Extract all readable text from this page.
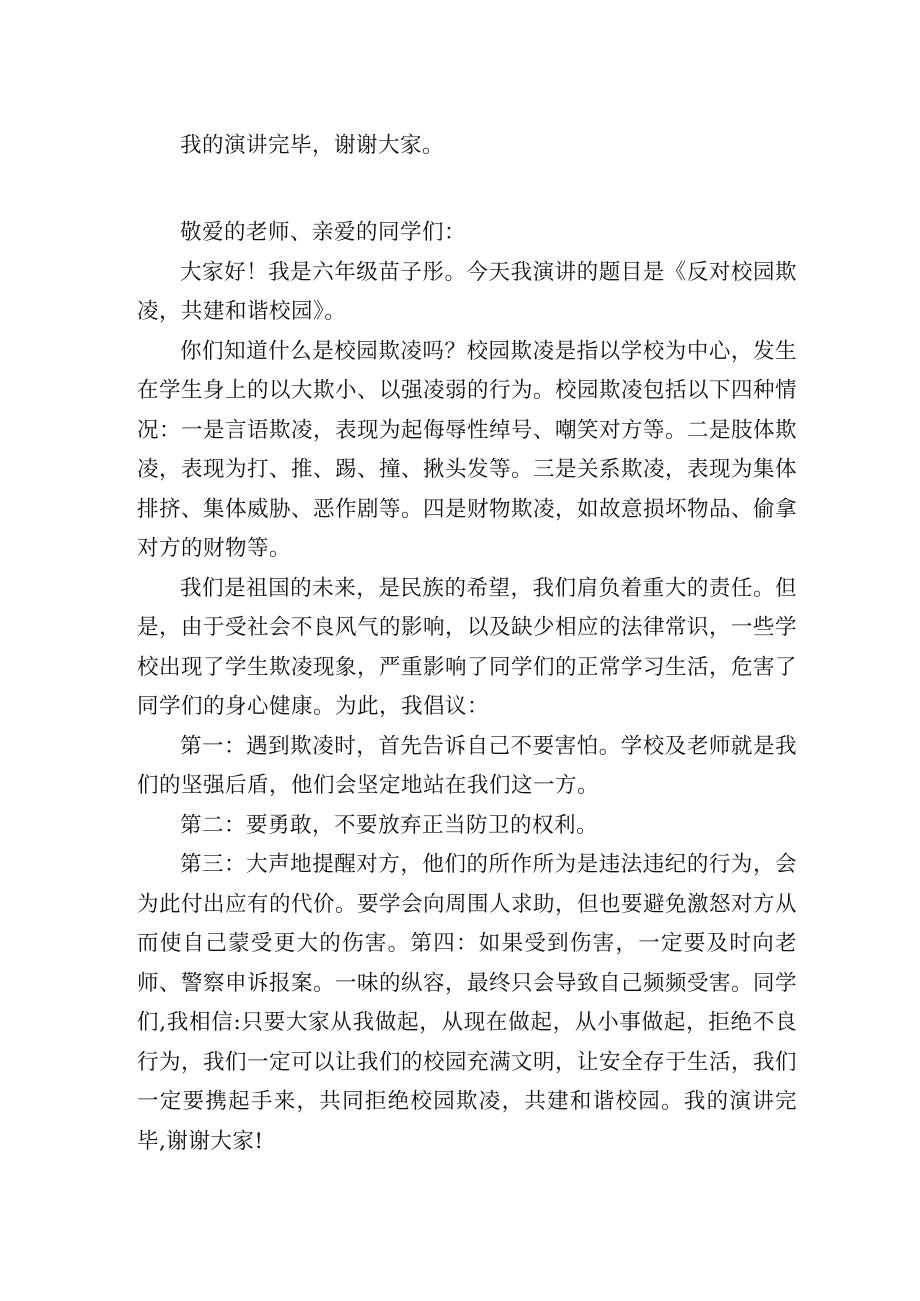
我的演讲完毕，谢谢大家。

敬爱的老师、亲爱的同学们：

大家好！我是六年级苗子彤。今天我演讲的题目是《反对校园欺凌，共建和谐校园》。

你们知道什么是校园欺凌吗？校园欺凌是指以学校为中心，发生在学生身上的以大欺小、以强凌弱的行为。校园欺凌包括以下四种情况：一是言语欺凌，表现为起侮辱性绰号、嘲笑对方等。二是肢体欺凌，表现为打、推、踢、撞、揪头发等。三是关系欺凌，表现为集体排挤、集体威胁、恶作剧等。四是财物欺凌，如故意损坏物品、偷拿对方的财物等。

我们是祖国的未来，是民族的希望，我们肩负着重大的责任。但是，由于受社会不良风气的影响，以及缺少相应的法律常识，一些学校出现了学生欺凌现象，严重影响了同学们的正常学习生活，危害了同学们的身心健康。为此，我倡议：

第一：遇到欺凌时，首先告诉自己不要害怕。学校及老师就是我们的坚强后盾，他们会坚定地站在我们这一方。

第二：要勇敢，不要放弃正当防卫的权利。

第三：大声地提醒对方，他们的所作所为是违法违纪的行为，会为此付出应有的代价。要学会向周围人求助，但也要避免激怒对方从而使自己蒙受更大的伤害。第四：如果受到伤害，一定要及时向老师、警察申诉报案。一味的纵容，最终只会导致自己频频受害。同学们,我相信:只要大家从我做起，从现在做起，从小事做起，拒绝不良行为，我们一定可以让我们的校园充满文明，让安全存于生活，我们一定要携起手来，共同拒绝校园欺凌，共建和谐校园。我的演讲完毕,谢谢大家!
